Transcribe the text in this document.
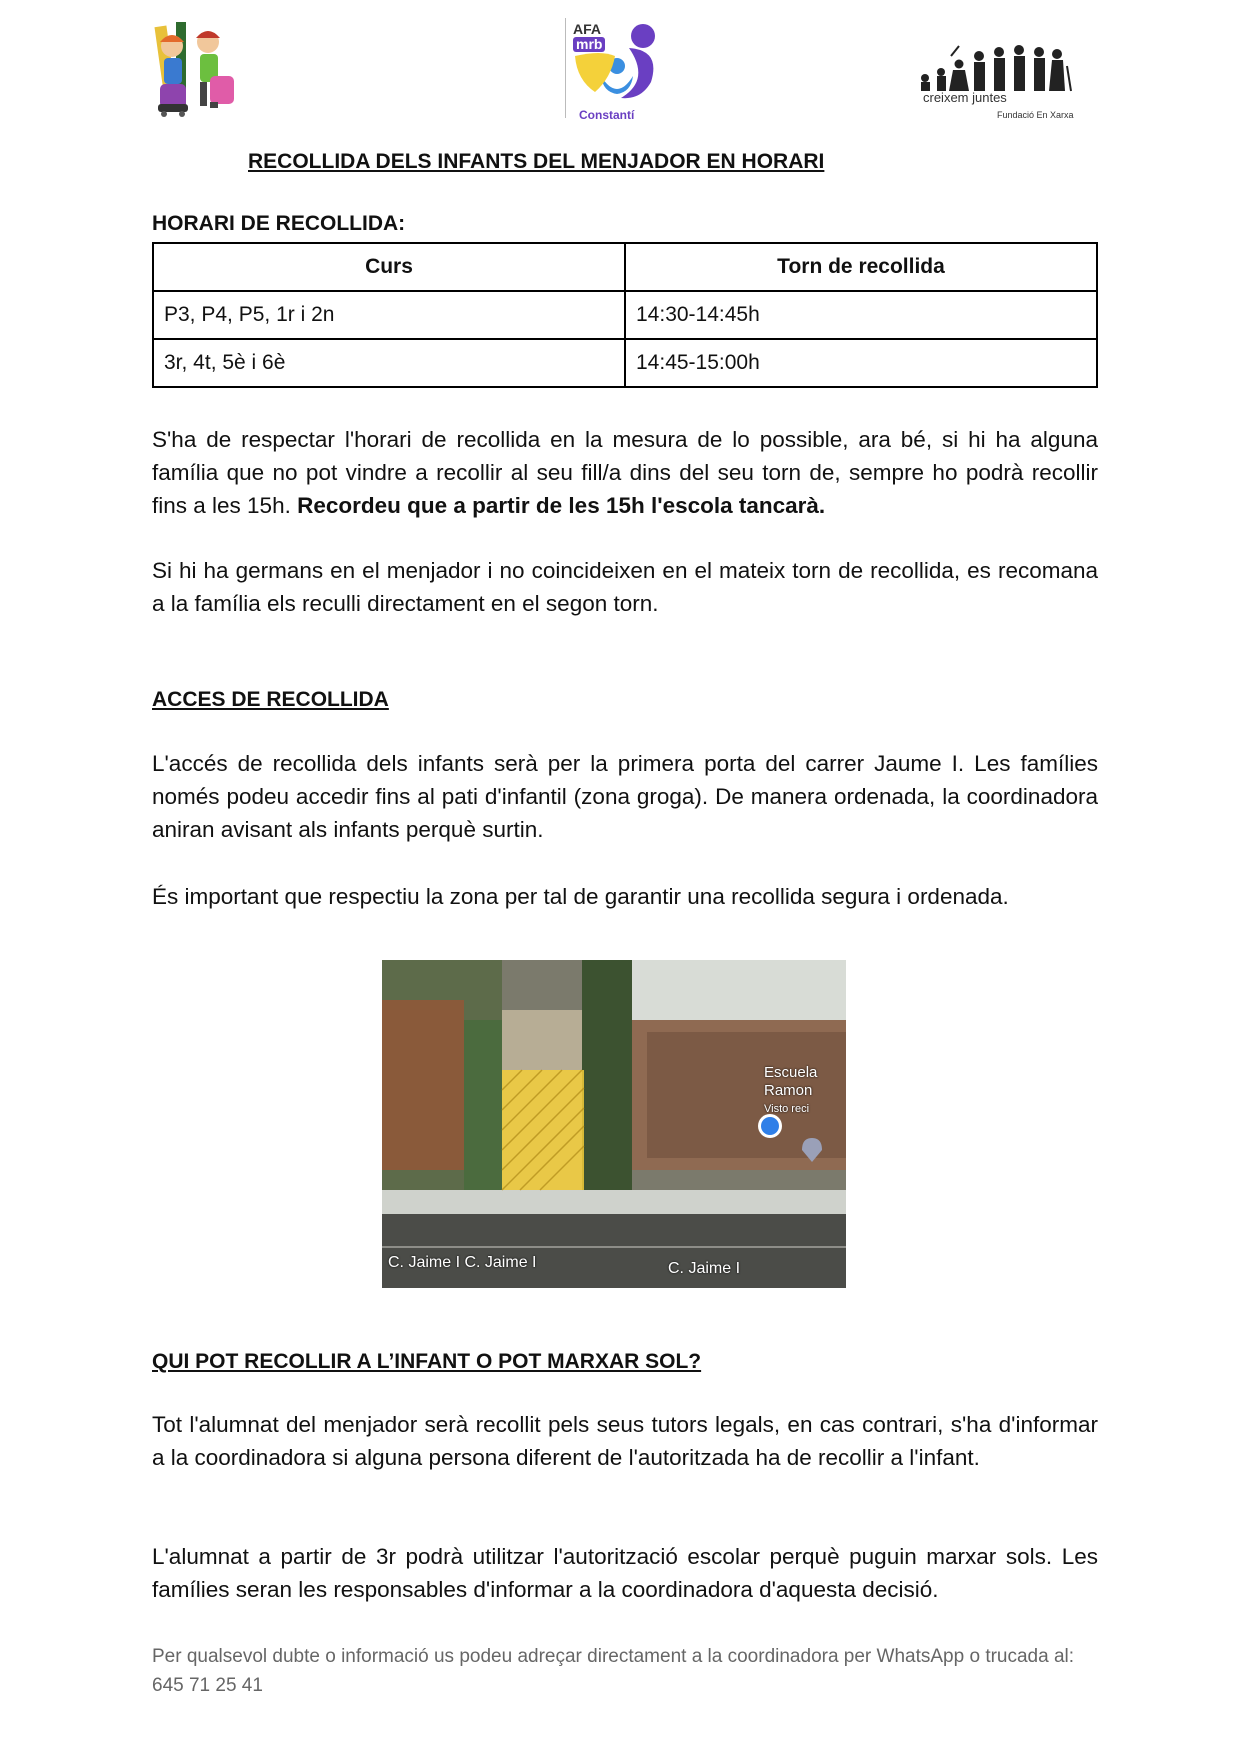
AFA
mrb
Constantí
creixem juntes
Fundació En Xarxa
RECOLLIDA DELS INFANTS DEL MENJADOR EN HORARI
HORARI DE RECOLLIDA:
Curs	Torn de recollida
P3, P4, P5, 1r i 2n	14:30-14:45h
3r, 4t, 5è i 6è	14:45-15:00h
S'ha de respectar l'horari de recollida en la mesura de lo possible, ara bé, si hi ha alguna família que no pot vindre a recollir al seu fill/a dins del seu torn de, sempre ho podrà recollir fins a les 15h. Recordeu que a partir de les 15h l'escola tancarà.
Si hi ha germans en el menjador i no coincideixen en el mateix torn de recollida, es recomana a la família els reculli directament en el segon torn.
ACCES DE RECOLLIDA
L'accés de recollida dels infants serà per la primera porta del carrer Jaume I. Les famílies només podeu accedir fins al pati d'infantil (zona groga). De manera ordenada, la coordinadora aniran avisant als infants perquè surtin.
És important que respectiu la zona per tal de garantir una recollida segura i ordenada.
Escuela
Ramon
Visto reci
C. Jaime I C. Jaime I	C. Jaime I
QUI POT RECOLLIR A L’INFANT O POT MARXAR SOL?
Tot l'alumnat del menjador serà recollit pels seus tutors legals, en cas contrari, s'ha d'informar a la coordinadora si alguna persona diferent de l'autoritzada ha de recollir a l'infant.
L'alumnat a partir de 3r podrà utilitzar l'autorització escolar perquè puguin marxar sols. Les famílies seran les responsables d'informar a la coordinadora d'aquesta decisió.
Per qualsevol dubte o informació us podeu adreçar directament a la coordinadora per WhatsApp o trucada al: 645 71 25 41
